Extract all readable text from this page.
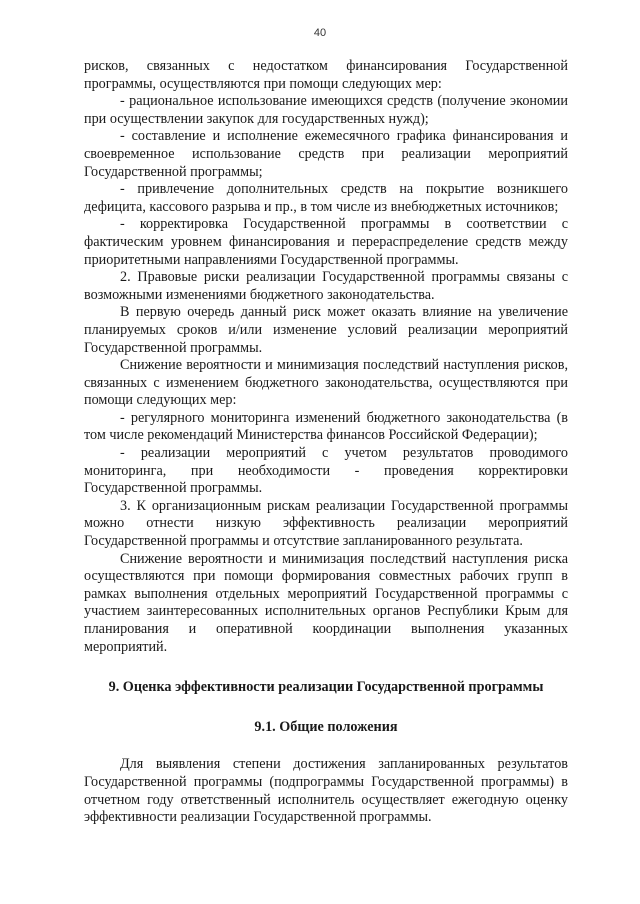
40

рисков, связанных с недостатком финансирования Государственной программы, осуществляются при помощи следующих мер:

- рациональное использование имеющихся средств (получение экономии при осуществлении закупок для государственных нужд);

- составление и исполнение ежемесячного графика финансирования и своевременное использование средств при реализации мероприятий Государственной программы;

- привлечение дополнительных средств на покрытие возникшего дефицита, кассового разрыва и пр., в том числе из внебюджетных источников;

- корректировка Государственной программы в соответствии с фактическим уровнем финансирования и перераспределение средств между приоритетными направлениями Государственной программы.

2. Правовые риски реализации Государственной программы связаны с возможными изменениями бюджетного законодательства.

В первую очередь данный риск может оказать влияние на увеличение планируемых сроков и/или изменение условий реализации мероприятий Государственной программы.

Снижение вероятности и минимизация последствий наступления рисков, связанных с изменением бюджетного законодательства, осуществляются при помощи следующих мер:

- регулярного мониторинга изменений бюджетного законодательства (в том числе рекомендаций Министерства финансов Российской Федерации);

- реализации мероприятий с учетом результатов проводимого мониторинга, при необходимости - проведения корректировки Государственной программы.

3. К организационным рискам реализации Государственной программы можно отнести низкую эффективность реализации мероприятий Государственной программы и отсутствие запланированного результата.

Снижение вероятности и минимизация последствий наступления риска осуществляются при помощи формирования совместных рабочих групп в рамках выполнения отдельных мероприятий Государственной программы с участием заинтересованных исполнительных органов Республики Крым для планирования и оперативной координации выполнения указанных мероприятий.

9. Оценка эффективности реализации Государственной программы
9.1. Общие положения

Для выявления степени достижения запланированных результатов Государственной программы (подпрограммы Государственной программы) в отчетном году ответственный исполнитель осуществляет ежегодную оценку эффективности реализации Государственной программы.
